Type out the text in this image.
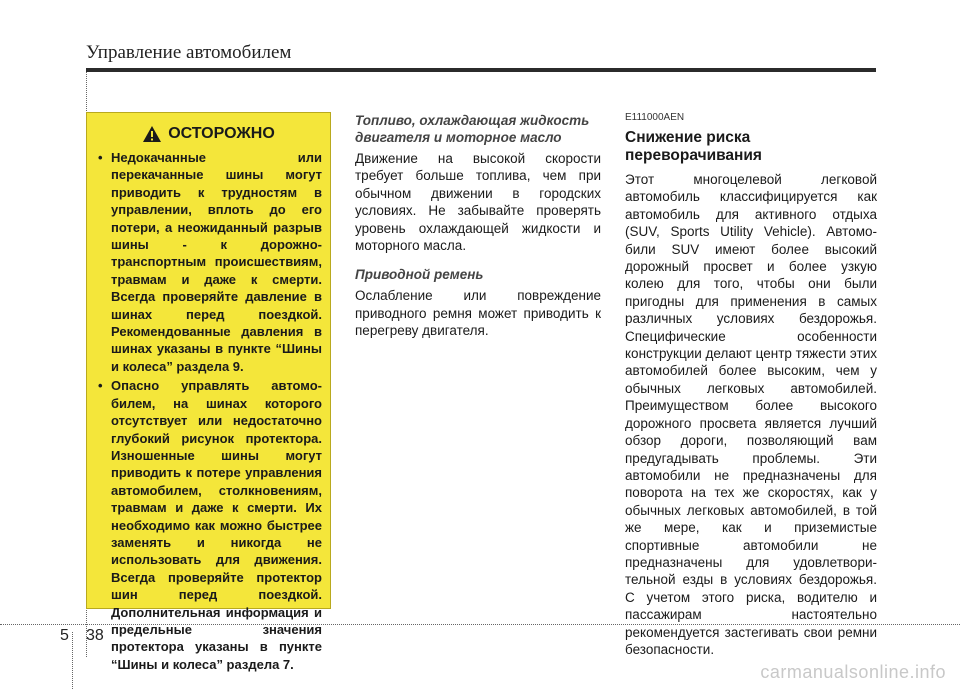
Управление автомобилем
5 38
ОСТОРОЖНО
• Недокачанные или перекачанные шины могут приводить к трудностям в управлении, вплоть до его потери, а неожиданный разрыв шины - к дорожно-транспортным происшествиям, травмам и даже к смерти. Всегда проверяйте давление в шинах перед поездкой. Рекомендованные давления в шинах указаны в пункте “Шины и колеса” раздела 9.
• Опасно управлять автомо-билем, на шинах которого отсутствует или недостаточно глубокий рисунок протектора. Изношенные шины могут приводить к потере управления автомобилем, столкновениям, травмам и даже к смерти. Их необходимо как можно быстрее заменять и никогда не использовать для движения. Всегда проверяйте протектор шин перед поездкой. Дополнительная информация и предельные значения протектора указаны в пункте “Шины и колеса” раздела 7.

Топливо, охлаждающая жидкость двигателя и моторное масло

Движение на высокой скорости требует больше топлива, чем при обычном движении в городских условиях. Не забывайте проверять уровень охлаждающей жидкости и моторного масла.

Приводной ремень

Ослабление или повреждение приводного ремня может приводить к перегреву двигателя.

E111000AEN

Снижение риска переворачивания

Этот многоцелевой легковой автомобиль классифицируется как автомобиль для активного отдыха (SUV, Sports Utility Vehicle). Автомо-били SUV имеют более высокий дорожный просвет и более узкую колею для того, чтобы они были пригодны для применения в самых различных условиях бездорожья. Специфические особенности конструкции делают центр тяжести этих автомобилей более высоким, чем у обычных легковых автомобилей. Преимуществом более высокого дорожного просвета является лучший обзор дороги, позволяющий вам предугадывать проблемы. Эти автомобили не предназначены для поворота на тех же скоростях, как у обычных легковых автомобилей, в той же мере, как и приземистые спортивные автомобили не предназначены для удовлетвори-тельной езды в условиях бездорожья. С учетом этого риска, водителю и пассажирам настоятельно рекомендуется застегивать свои ремни безопасности.

carmanualsonline.info
